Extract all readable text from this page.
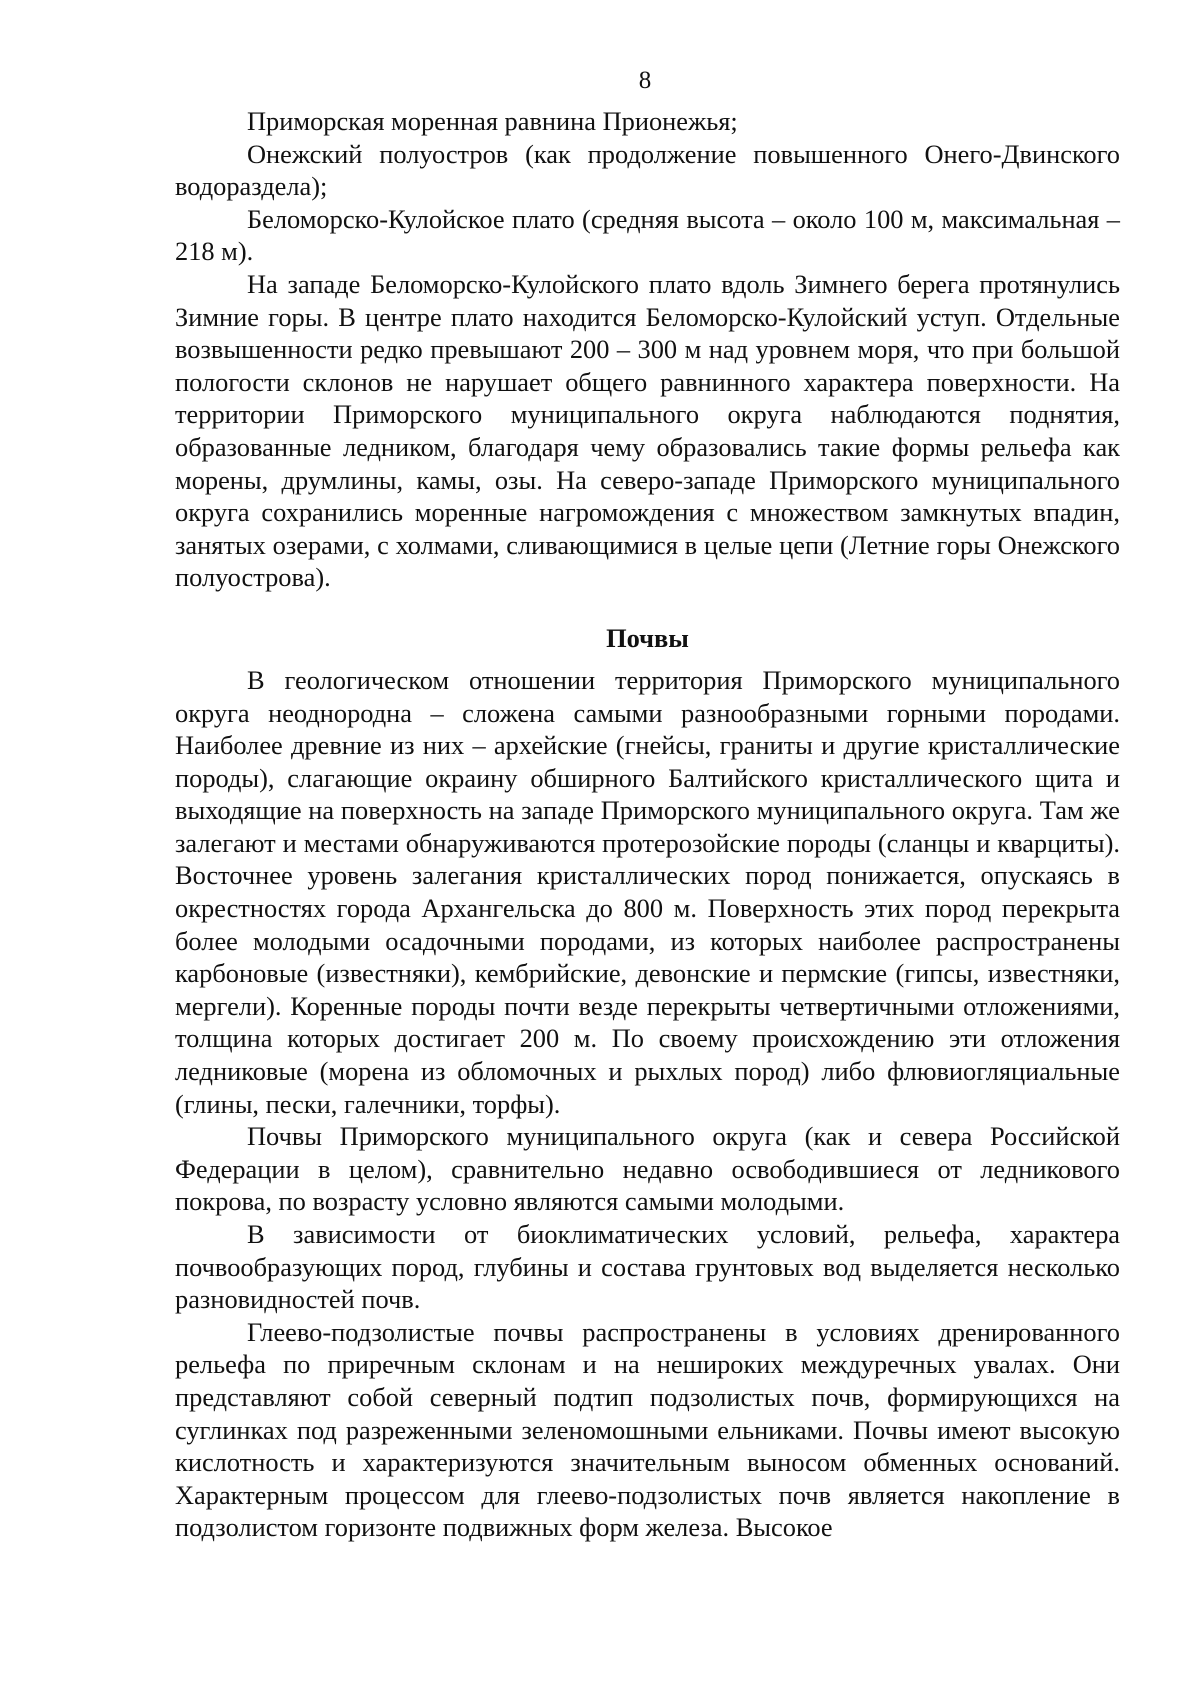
8

Приморская моренная равнина Прионежья;

Онежский полуостров (как продолжение повышенного Онего-Двинского водораздела);

Беломорско-Кулойское плато (средняя высота – около 100 м, максимальная – 218 м).

На западе Беломорско-Кулойского плато вдоль Зимнего берега протянулись Зимние горы. В центре плато находится Беломорско-Кулойский уступ. Отдельные возвышенности редко превышают 200 – 300 м над уровнем моря, что при большой пологости склонов не нарушает общего равнинного характера поверхности. На территории Приморского муниципального округа наблюдаются поднятия, образованные ледником, благодаря чему образовались такие формы рельефа как морены, друмлины, камы, озы. На северо-западе Приморского муниципального округа сохранились моренные нагромождения с множеством замкнутых впадин, занятых озерами, с холмами, сливающимися в целые цепи (Летние горы Онежского полуострова).

Почвы

В геологическом отношении территория Приморского муниципального округа неоднородна – сложена самыми разнообразными горными породами. Наиболее древние из них – архейские (гнейсы, граниты и другие кристаллические породы), слагающие окраину обширного Балтийского кристаллического щита и выходящие на поверхность на западе Приморского муниципального округа. Там же залегают и местами обнаруживаются протерозойские породы (сланцы и кварциты). Восточнее уровень залегания кристаллических пород понижается, опускаясь в окрестностях города Архангельска до 800 м. Поверхность этих пород перекрыта более молодыми осадочными породами, из которых наиболее распространены карбоновые (известняки), кембрийские, девонские и пермские (гипсы, известняки, мергели). Коренные породы почти везде перекрыты четвертичными отложениями, толщина которых достигает 200 м. По своему происхождению эти отложения ледниковые (морена из обломочных и рыхлых пород) либо флювиогляциальные (глины, пески, галечники, торфы).

Почвы Приморского муниципального округа (как и севера Российской Федерации в целом), сравнительно недавно освободившиеся от ледникового покрова, по возрасту условно являются самыми молодыми.

В зависимости от биоклиматических условий, рельефа, характера почвообразующих пород, глубины и состава грунтовых вод выделяется несколько разновидностей почв.

Глеево-подзолистые почвы распространены в условиях дренированного рельефа по приречным склонам и на неширoких междуречных увалах. Они представляют собой северный подтип подзолистых почв, формирующихся на суглинках под разреженными зеленомошными ельниками. Почвы имеют высокую кислотность и характеризуются значительным выносом обменных оснований. Характерным процессом для глеево-подзолистых почв является накопление в подзолистом горизонте подвижных форм железа. Высокое
